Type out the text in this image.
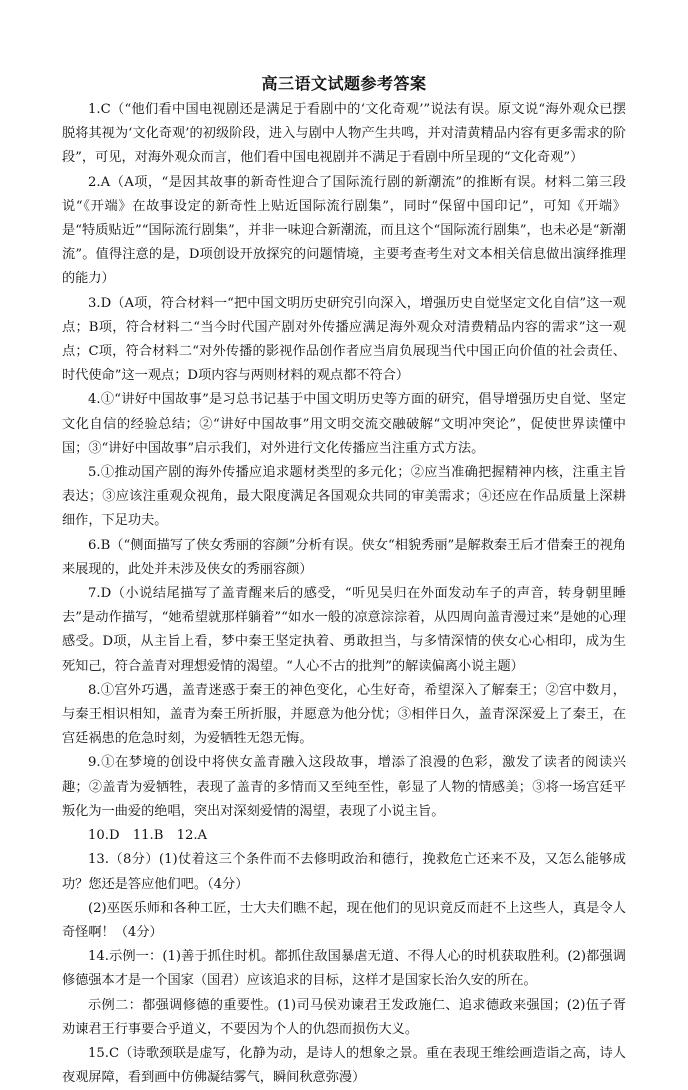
高三语文试题参考答案

1.C（“他们看中国电视剧还是满足于看剧中的‘文化奇观’”说法有误。原文说“海外观众已摆脱将其视为‘文化奇观’的初级阶段，进入与剧中人物产生共鸣，并对清黄精品内容有更多需求的阶段”，可见，对海外观众而言，他们看中国电视剧并不满足于看剧中所呈现的“文化奇观”）

2.A（A项，“是因其故事的新奇性迎合了国际流行剧的新潮流”的推断有误。材料二第三段说“《开端》在故事设定的新奇性上贴近国际流行剧集”，同时“保留中国印记”，可知《开端》是“特质贴近”“国际流行剧集”，并非一味迎合新潮流，而且这个“国际流行剧集”，也未必是“新潮流”。值得注意的是，D项创设开放探究的问题情境，主要考查考生对文本相关信息做出演绎推理的能力）

3.D（A项，符合材料一“把中国文明历史研究引向深入，增强历史自觉坚定文化自信”这一观点；B项，符合材料二“当今时代国产剧对外传播应满足海外观众对清费精品内容的需求”这一观点；C项，符合材料二“对外传播的影视作品创作者应当肩负展现当代中国正向价值的社会责任、时代使命”这一观点；D项内容与两则材料的观点都不符合）

4.①“讲好中国故事”是习总书记基于中国文明历史等方面的研究，倡导增强历史自觉、坚定文化自信的经验总结；②“讲好中国故事”用文明交流交融破解“文明冲突论”，促使世界读懂中国；③“讲好中国故事”启示我们，对外进行文化传播应当注重方式方法。

5.①推动国产剧的海外传播应追求题材类型的多元化；②应当准确把握精神内核，注重主旨表达；③应该注重观众视角，最大限度满足各国观众共同的审美需求；④还应在作品质量上深耕细作，下足功夫。

6.B（“侧面描写了侠女秀丽的容颜”分析有误。侠女“相貌秀丽”是解救秦王后才借秦王的视角来展现的，此处并未涉及侠女的秀丽容颜）

7.D（小说结尾描写了盖青醒来后的感受，“听见吴归在外面发动车子的声音，转身朝里睡去”是动作描写，“她希望就那样躺着”“如水一般的凉意淙淙着，从四周向盖青漫过来”是她的心理感受。D项，从主旨上看，梦中秦王坚定执着、勇敢担当，与多情深情的侠女心心相印，成为生死知己，符合盖青对理想爱情的渴望。“人心不古的批判”的解读偏离小说主题）

8.①宫外巧遇，盖青迷惑于秦王的神色变化，心生好奇，希望深入了解秦王；②宫中数月，与秦王相识相知，盖青为秦王所折服，并愿意为他分忧；③相伴日久，盖青深深爱上了秦王，在宫廷祸患的危急时刻，为爱牺牲无怨无悔。

9.①在梦境的创设中将侠女盖青融入这段故事，增添了浪漫的色彩，激发了读者的阅读兴趣；②盖青为爱牺牲，表现了盖青的多情而又至纯至性，彰显了人物的情感美；③将一场宫廷平叛化为一曲爱的绝唱，突出对深刻爱情的渴望，表现了小说主旨。

10.D　11.B　12.A

13.（8分）(1)仗着这三个条件而不去修明政治和德行，挽救危亡还来不及，又怎么能够成功？您还是答应他们吧。（4分）

(2)巫医乐师和各种工匠，士大夫们瞧不起，现在他们的见识竟反而赶不上这些人，真是令人奇怪啊！（4分）

14.示例一：(1)善于抓住时机。都抓住敌国暴虐无道、不得人心的时机获取胜利。(2)都强调修德强本才是一个国家（国君）应该追求的目标，这样才是国家长治久安的所在。

示例二：都强调修德的重要性。(1)司马侯劝谏君王发政施仁、追求德政来强国；(2)伍子胥劝谏君王行事要合乎道义，不要因为个人的仇怨而损伤大义。

15.C（诗歌颈联是虚写，化静为动，是诗人的想象之景。重在表现王维绘画造诣之高，诗人夜观屏障，看到画中仿佛凝结雾气，瞬间秋意弥漫）
